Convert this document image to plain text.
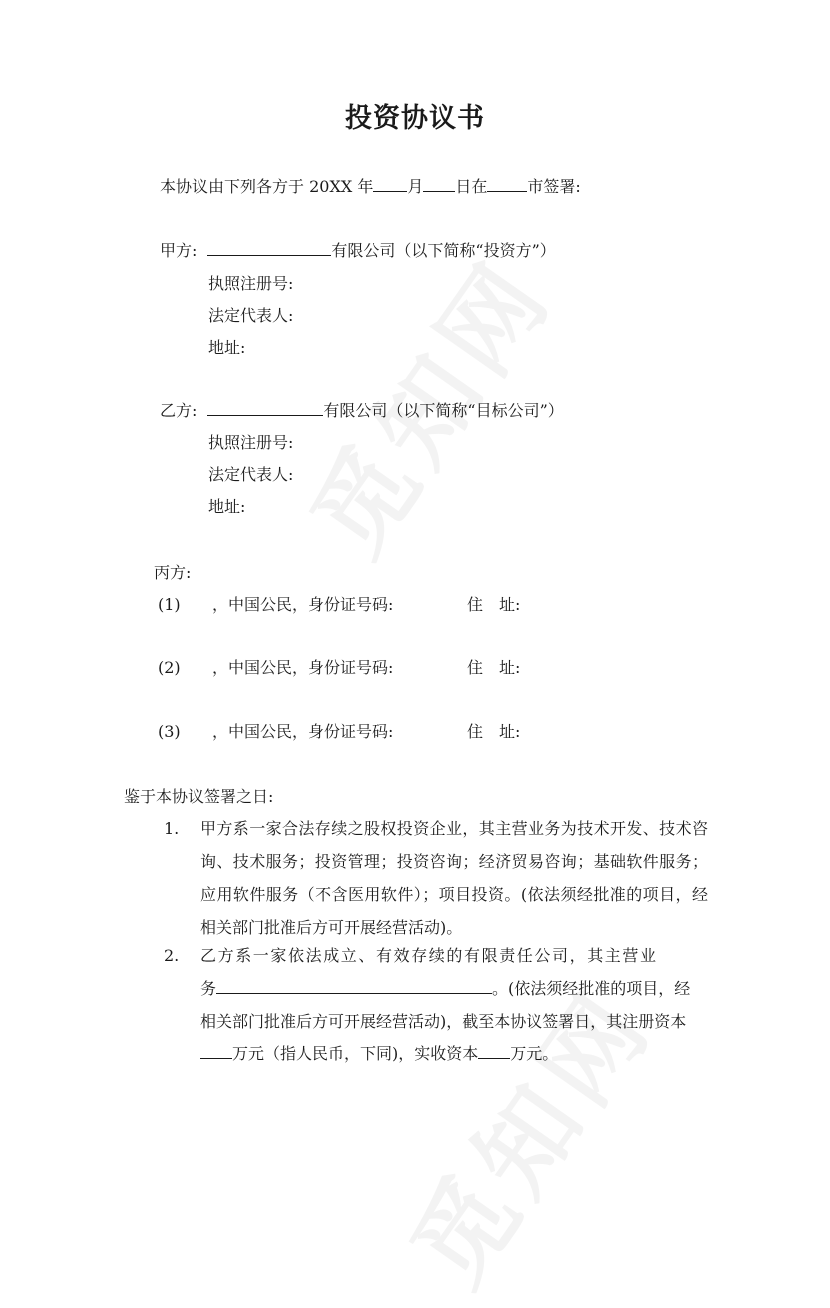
投资协议书
本协议由下列各方于 20XX 年 月 日在	市签署:
甲方:	有限公司（以下简称“投资方”）
执照注册号:
法定代表人:
地址:
乙方:	有限公司（以下简称“目标公司”）
执照注册号:
法定代表人:
地址:
丙方:
(1) ，中国公民，身份证号码:	住　址:
(2) ，中国公民，身份证号码:	住　址:
(3) ，中国公民，身份证号码:	住　址:
鉴于本协议签署之日:
1. 甲方系一家合法存续之股权投资企业，其主营业务为技术开发、技术咨询、技术服务；投资管理；投资咨询；经济贸易咨询；基础软件服务；应用软件服务（不含医用软件）；项目投资。(依法须经批准的项目，经相关部门批准后方可开展经营活动)。
2. 乙方系一家依法成立、有效存续的有限责任公司，其主营业
务	。(依法须经批准的项目，经
相关部门批准后方可开展经营活动)，截至本协议签署日，其注册资本
万元（指人民币，下同)，实收资本 万元。
